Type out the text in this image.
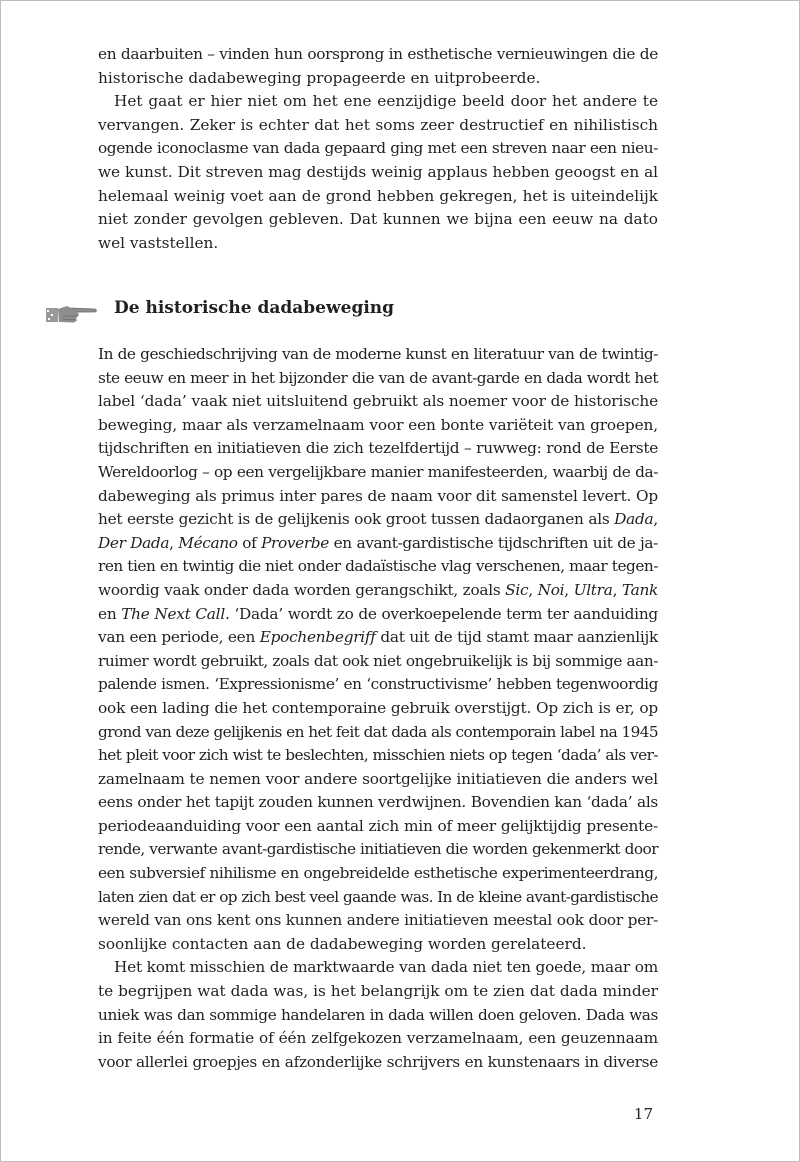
en daarbuiten – vinden hun oorsprong in esthetische vernieuwingen die de
historische dadabeweging propageerde en uitprobeerde.
Het gaat er hier niet om het ene eenzijdige beeld door het andere te
vervangen. Zeker is echter dat het soms zeer destructief en nihilistisch
ogende iconoclasme van dada gepaard ging met een streven naar een nieu-
we kunst. Dit streven mag destijds weinig applaus hebben geoogst en al
helemaal weinig voet aan de grond hebben gekregen, het is uiteindelijk
niet zonder gevolgen gebleven. Dat kunnen we bijna een eeuw na dato
wel vaststellen.
De historische dadabeweging
In de geschiedschrijving van de moderne kunst en literatuur van de twintig-
ste eeuw en meer in het bijzonder die van de avant-garde en dada wordt het
label ‘dada’ vaak niet uitsluitend gebruikt als noemer voor de historische
beweging, maar als verzamelnaam voor een bonte variëteit van groepen,
tijdschriften en initiatieven die zich tezelfdertijd – ruwweg: rond de Eerste
Wereldoorlog – op een vergelijkbare manier manifesteerden, waarbij de da-
dabeweging als primus inter pares de naam voor dit samenstel levert. Op
het eerste gezicht is de gelijkenis ook groot tussen dadaorganen als Dada,
Der Dada, Mécano of Proverbe en avant-gardistische tijdschriften uit de ja-
ren tien en twintig die niet onder dadaïstische vlag verschenen, maar tegen-
woordig vaak onder dada worden gerangschikt, zoals Sic, Noi, Ultra, Tank
en The Next Call. ‘Dada’ wordt zo de overkoepelende term ter aanduiding
van een periode, een Epochenbegriff dat uit de tijd stamt maar aanzienlijk
ruimer wordt gebruikt, zoals dat ook niet ongebruikelijk is bij sommige aan-
palende ismen. ‘Expressionisme’ en ‘constructivisme’ hebben tegenwoordig
ook een lading die het contemporaine gebruik overstijgt. Op zich is er, op
grond van deze gelijkenis en het feit dat dada als contemporain label na 1945
het pleit voor zich wist te beslechten, misschien niets op tegen ‘dada’ als ver-
zamelnaam te nemen voor andere soortgelijke initiatieven die anders wel
eens onder het tapijt zouden kunnen verdwijnen. Bovendien kan ‘dada’ als
periodeaanduiding voor een aantal zich min of meer gelijktijdig presente-
rende, verwante avant-gardistische initiatieven die worden gekenmerkt door
een subversief nihilisme en ongebreidelde esthetische experimenteerdrang,
laten zien dat er op zich best veel gaande was. In de kleine avant-gardistische
wereld van ons kent ons kunnen andere initiatieven meestal ook door per-
soonlijke contacten aan de dadabeweging worden gerelateerd.
Het komt misschien de marktwaarde van dada niet ten goede, maar om
te begrijpen wat dada was, is het belangrijk om te zien dat dada minder
uniek was dan sommige handelaren in dada willen doen geloven. Dada was
in feite één formatie of één zelfgekozen verzamelnaam, een geuzennaam
voor allerlei groepjes en afzonderlijke schrijvers en kunstenaars in diverse
17
